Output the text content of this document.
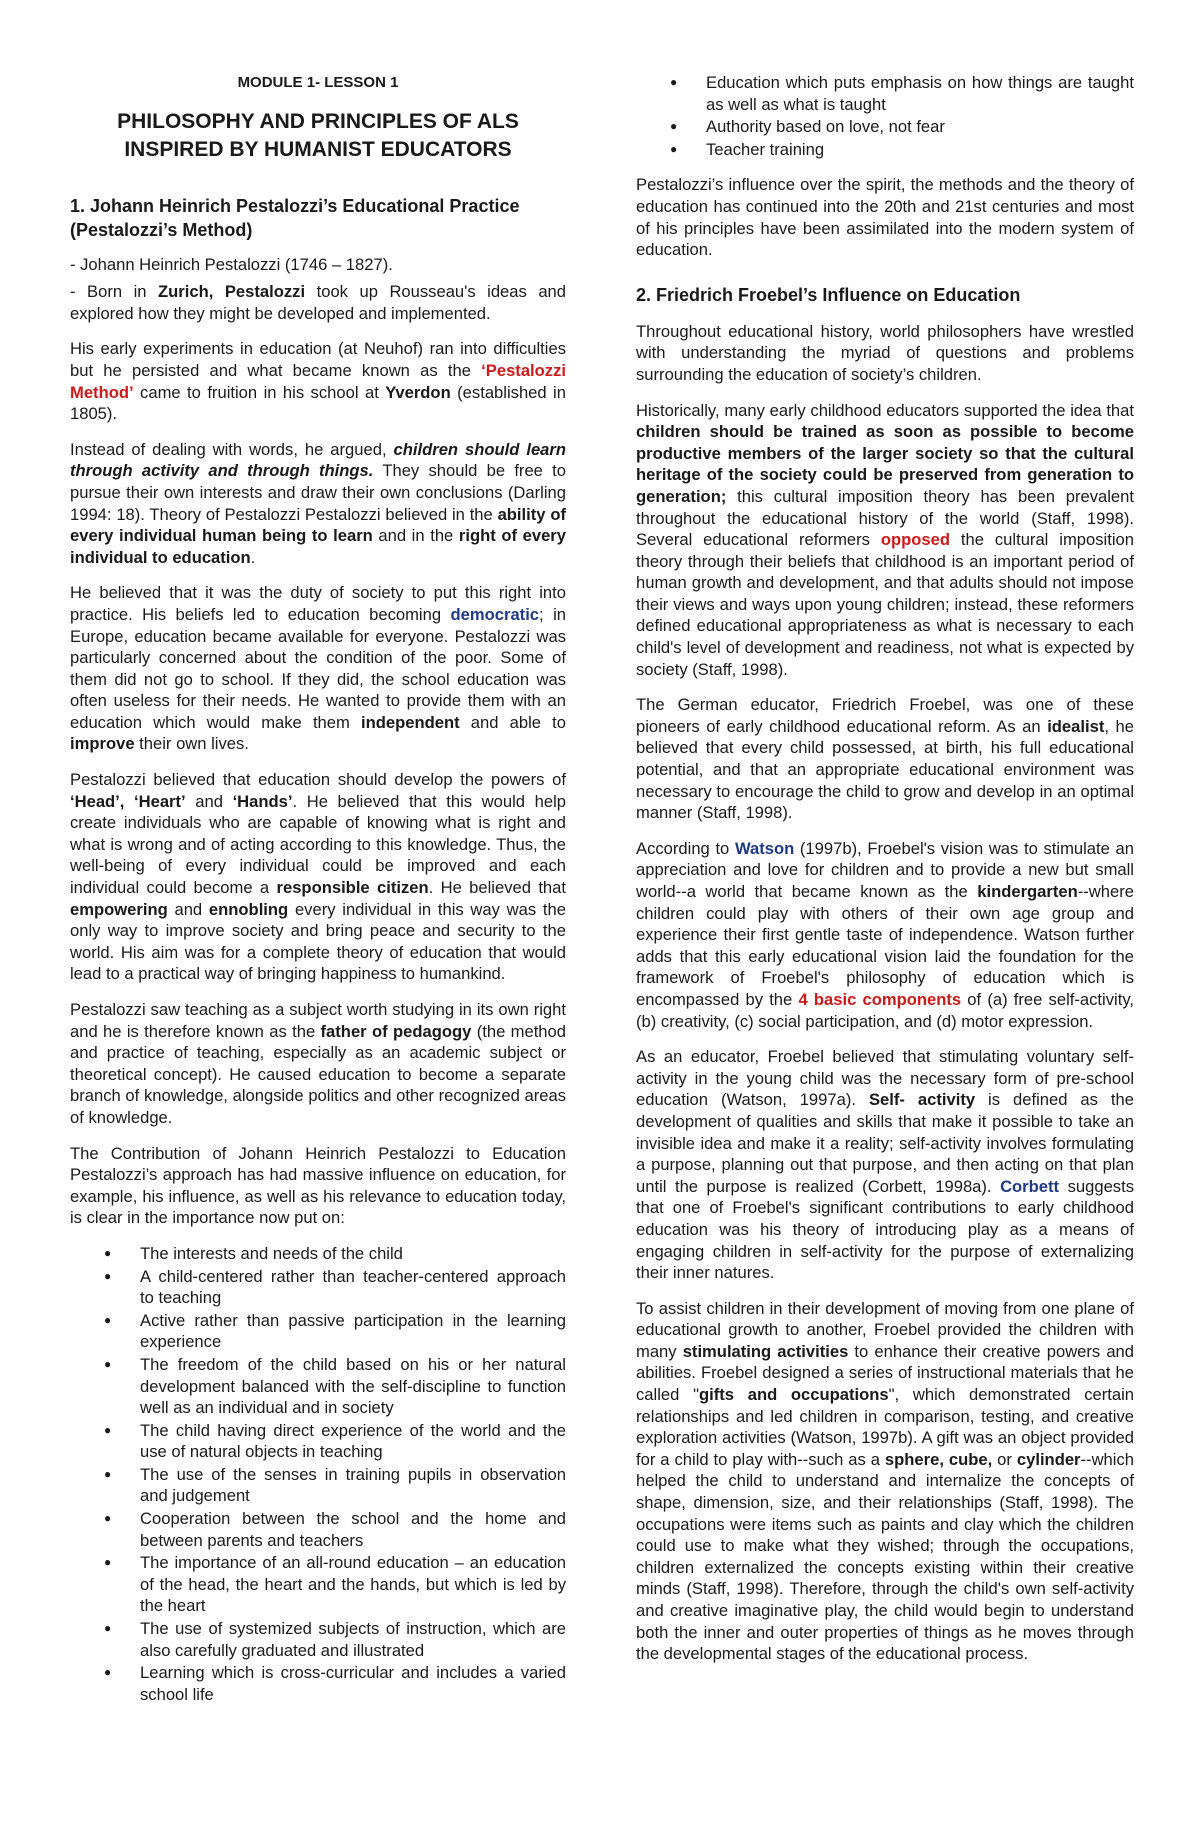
MODULE 1- LESSON 1
PHILOSOPHY AND PRINCIPLES OF ALS
INSPIRED BY HUMANIST EDUCATORS
1. Johann Heinrich Pestalozzi’s Educational Practice (Pestalozzi’s Method)

- Johann Heinrich Pestalozzi (1746 – 1827).

- Born in Zurich, Pestalozzi took up Rousseau's ideas and explored how they might be developed and implemented.

His early experiments in education (at Neuhof) ran into difficulties but he persisted and what became known as the ‘Pestalozzi Method’ came to fruition in his school at Yverdon (established in 1805).

Instead of dealing with words, he argued, children should learn through activity and through things. They should be free to pursue their own interests and draw their own conclusions (Darling 1994: 18). Theory of Pestalozzi Pestalozzi believed in the ability of every individual human being to learn and in the right of every individual to education.

He believed that it was the duty of society to put this right into practice. His beliefs led to education becoming democratic; in Europe, education became available for everyone. Pestalozzi was particularly concerned about the condition of the poor. Some of them did not go to school. If they did, the school education was often useless for their needs. He wanted to provide them with an education which would make them independent and able to improve their own lives.

Pestalozzi believed that education should develop the powers of ‘Head’, ‘Heart’ and ‘Hands’. He believed that this would help create individuals who are capable of knowing what is right and what is wrong and of acting according to this knowledge. Thus, the well-being of every individual could be improved and each individual could become a responsible citizen. He believed that empowering and ennobling every individual in this way was the only way to improve society and bring peace and security to the world. His aim was for a complete theory of education that would lead to a practical way of bringing happiness to humankind.

Pestalozzi saw teaching as a subject worth studying in its own right and he is therefore known as the father of pedagogy (the method and practice of teaching, especially as an academic subject or theoretical concept). He caused education to become a separate branch of knowledge, alongside politics and other recognized areas of knowledge.

The Contribution of Johann Heinrich Pestalozzi to Education Pestalozzi’s approach has had massive influence on education, for example, his influence, as well as his relevance to education today, is clear in the importance now put on:

● The interests and needs of the child
● A child-centered rather than teacher-centered approach to teaching
● Active rather than passive participation in the learning experience
● The freedom of the child based on his or her natural development balanced with the self-discipline to function well as an individual and in society
● The child having direct experience of the world and the use of natural objects in teaching
● The use of the senses in training pupils in observation and judgement
● Cooperation between the school and the home and between parents and teachers
● The importance of an all-round education – an education of the head, the heart and the hands, but which is led by the heart
● The use of systemized subjects of instruction, which are also carefully graduated and illustrated
● Learning which is cross-curricular and includes a varied school life
● Education which puts emphasis on how things are taught as well as what is taught
● Authority based on love, not fear
● Teacher training

Pestalozzi’s influence over the spirit, the methods and the theory of education has continued into the 20th and 21st centuries and most of his principles have been assimilated into the modern system of education.

2. Friedrich Froebel’s Influence on Education

Throughout educational history, world philosophers have wrestled with understanding the myriad of questions and problems surrounding the education of society’s children.

Historically, many early childhood educators supported the idea that children should be trained as soon as possible to become productive members of the larger society so that the cultural heritage of the society could be preserved from generation to generation; this cultural imposition theory has been prevalent throughout the educational history of the world (Staff, 1998). Several educational reformers opposed the cultural imposition theory through their beliefs that childhood is an important period of human growth and development, and that adults should not impose their views and ways upon young children; instead, these reformers defined educational appropriateness as what is necessary to each child's level of development and readiness, not what is expected by society (Staff, 1998).

The German educator, Friedrich Froebel, was one of these pioneers of early childhood educational reform. As an idealist, he believed that every child possessed, at birth, his full educational potential, and that an appropriate educational environment was necessary to encourage the child to grow and develop in an optimal manner (Staff, 1998).

According to Watson (1997b), Froebel's vision was to stimulate an appreciation and love for children and to provide a new but small world--a world that became known as the kindergarten--where children could play with others of their own age group and experience their first gentle taste of independence. Watson further adds that this early educational vision laid the foundation for the framework of Froebel's philosophy of education which is encompassed by the 4 basic components of (a) free self-activity, (b) creativity, (c) social participation, and (d) motor expression.

As an educator, Froebel believed that stimulating voluntary self-activity in the young child was the necessary form of pre-school education (Watson, 1997a). Self- activity is defined as the development of qualities and skills that make it possible to take an invisible idea and make it a reality; self-activity involves formulating a purpose, planning out that purpose, and then acting on that plan until the purpose is realized (Corbett, 1998a). Corbett suggests that one of Froebel's significant contributions to early childhood education was his theory of introducing play as a means of engaging children in self-activity for the purpose of externalizing their inner natures.

To assist children in their development of moving from one plane of educational growth to another, Froebel provided the children with many stimulating activities to enhance their creative powers and abilities. Froebel designed a series of instructional materials that he called "gifts and occupations", which demonstrated certain relationships and led children in comparison, testing, and creative exploration activities (Watson, 1997b). A gift was an object provided for a child to play with--such as a sphere, cube, or cylinder--which helped the child to understand and internalize the concepts of shape, dimension, size, and their relationships (Staff, 1998). The occupations were items such as paints and clay which the children could use to make what they wished; through the occupations, children externalized the concepts existing within their creative minds (Staff, 1998). Therefore, through the child's own self-activity and creative imaginative play, the child would begin to understand both the inner and outer properties of things as he moves through the developmental stages of the educational process.
